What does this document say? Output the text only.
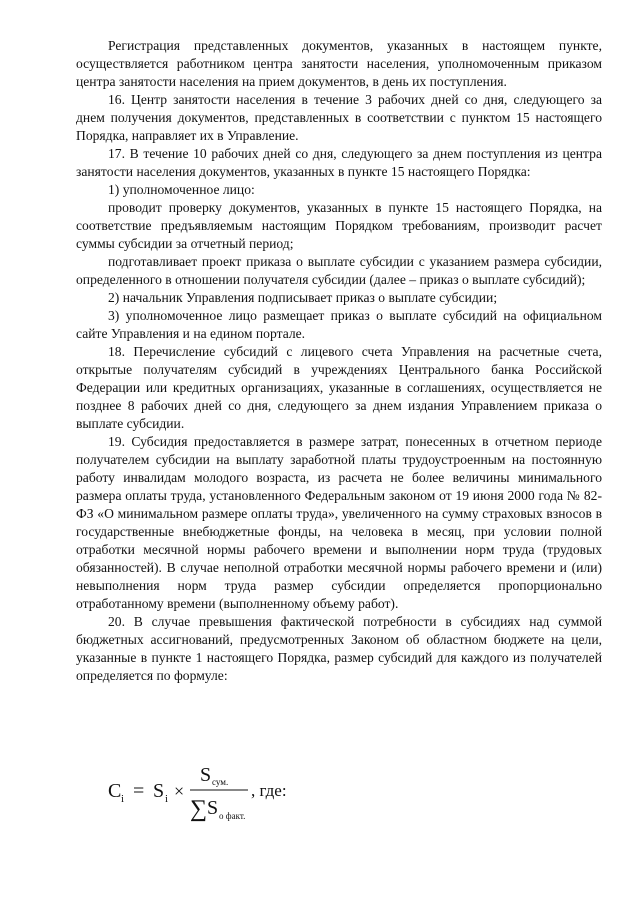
Регистрация представленных документов, указанных в настоящем пункте, осуществляется работником центра занятости населения, уполномоченным приказом центра занятости населения на прием документов, в день их поступления.

16. Центр занятости населения в течение 3 рабочих дней со дня, следующего за днем получения документов, представленных в соответствии с пунктом 15 настоящего Порядка, направляет их в Управление.

17. В течение 10 рабочих дней со дня, следующего за днем поступления из центра занятости населения документов, указанных в пункте 15 настоящего Порядка:

1) уполномоченное лицо:

проводит проверку документов, указанных в пункте 15 настоящего Порядка, на соответствие предъявляемым настоящим Порядком требованиям, производит расчет суммы субсидии за отчетный период;

подготавливает проект приказа о выплате субсидии с указанием размера субсидии, определенного в отношении получателя субсидии (далее – приказ о выплате субсидий);

2) начальник Управления подписывает приказ о выплате субсидии;

3) уполномоченное лицо размещает приказ о выплате субсидий на официальном сайте Управления и на едином портале.

18. Перечисление субсидий с лицевого счета Управления на расчетные счета, открытые получателям субсидий в учреждениях Центрального банка Российской Федерации или кредитных организациях, указанные в соглашениях, осуществляется не позднее 8 рабочих дней со дня, следующего за днем издания Управлением приказа о выплате субсидии.

19. Субсидия предоставляется в размере затрат, понесенных в отчетном периоде получателем субсидии на выплату заработной платы трудоустроенным на постоянную работу инвалидам молодого возраста, из расчета не более величины минимального размера оплаты труда, установленного Федеральным законом от 19 июня 2000 года № 82-ФЗ «О минимальном размере оплаты труда», увеличенного на сумму страховых взносов в государственные внебюджетные фонды, на человека в месяц, при условии полной отработки месячной нормы рабочего времени и выполнении норм труда (трудовых обязанностей). В случае неполной отработки месячной нормы рабочего времени и (или) невыполнения норм труда размер субсидии определяется пропорционально отработанному времени (выполненному объему работ).

20. В случае превышения фактической потребности в субсидиях над суммой бюджетных ассигнований, предусмотренных Законом об областном бюджете на цели, указанные в пункте 1 настоящего Порядка, размер субсидий для каждого из получателей определяется по формуле:

C i = S i ×
S сум.
∑ S о факт.
, где:
